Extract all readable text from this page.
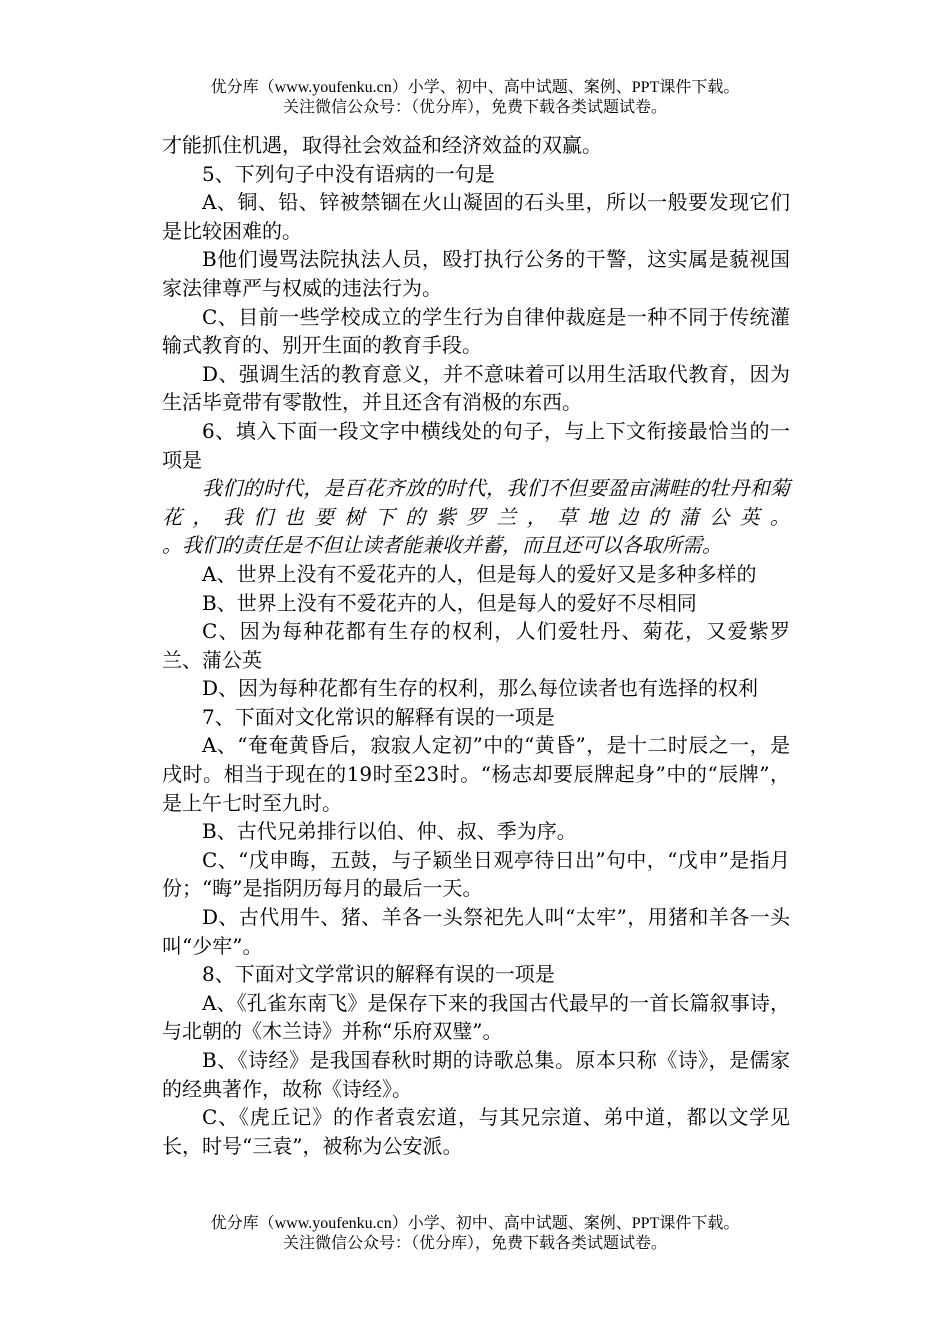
优分库（www.youfenku.cn）小学、初中、高中试题、案例、PPT课件下载。
关注微信公众号：（优分库），免费下载各类试题试卷。

才能抓住机遇，取得社会效益和经济效益的双赢。

5、下列句子中没有语病的一句是

A、铜、铅、锌被禁锢在火山凝固的石头里，所以一般要发现它们是比较困难的。

B他们谩骂法院执法人员，殴打执行公务的干警，这实属是藐视国家法律尊严与权威的违法行为。

C、目前一些学校成立的学生行为自律仲裁庭是一种不同于传统灌输式教育的、别开生面的教育手段。

D、强调生活的教育意义，并不意味着可以用生活取代教育，因为生活毕竟带有零散性，并且还含有消极的东西。

6、填入下面一段文字中横线处的句子，与上下文衔接最恰当的一项是

我们的时代，是百花齐放的时代，我们不但要盈亩满畦的牡丹和菊花，我们也要树下的紫罗兰，草地边的蒲公英。

。我们的责任是不但让读者能兼收并蓄，而且还可以各取所需。

A、世界上没有不爱花卉的人，但是每人的爱好又是多种多样的

B、世界上没有不爱花卉的人，但是每人的爱好不尽相同

C、因为每种花都有生存的权利，人们爱牡丹、菊花，又爱紫罗兰、蒲公英

D、因为每种花都有生存的权利，那么每位读者也有选择的权利

7、下面对文化常识的解释有误的一项是

A、“奄奄黄昏后，寂寂人定初”中的“黄昏”，是十二时辰之一，是戌时。相当于现在的19时至23时。“杨志却要辰牌起身”中的“辰牌”，是上午七时至九时。

B、古代兄弟排行以伯、仲、叔、季为序。

C、“戊申晦，五鼓，与子颖坐日观亭待日出”句中，“戊申”是指月份；“晦”是指阴历每月的最后一天。

D、古代用牛、猪、羊各一头祭祀先人叫“太牢”，用猪和羊各一头叫“少牢”。

8、下面对文学常识的解释有误的一项是

A、《孔雀东南飞》是保存下来的我国古代最早的一首长篇叙事诗，与北朝的《木兰诗》并称“乐府双璧”。

B、《诗经》是我国春秋时期的诗歌总集。原本只称《诗》，是儒家的经典著作，故称《诗经》。

C、《虎丘记》的作者袁宏道，与其兄宗道、弟中道，都以文学见长，时号“三袁”，被称为公安派。

优分库（www.youfenku.cn）小学、初中、高中试题、案例、PPT课件下载。
关注微信公众号：（优分库），免费下载各类试题试卷。
